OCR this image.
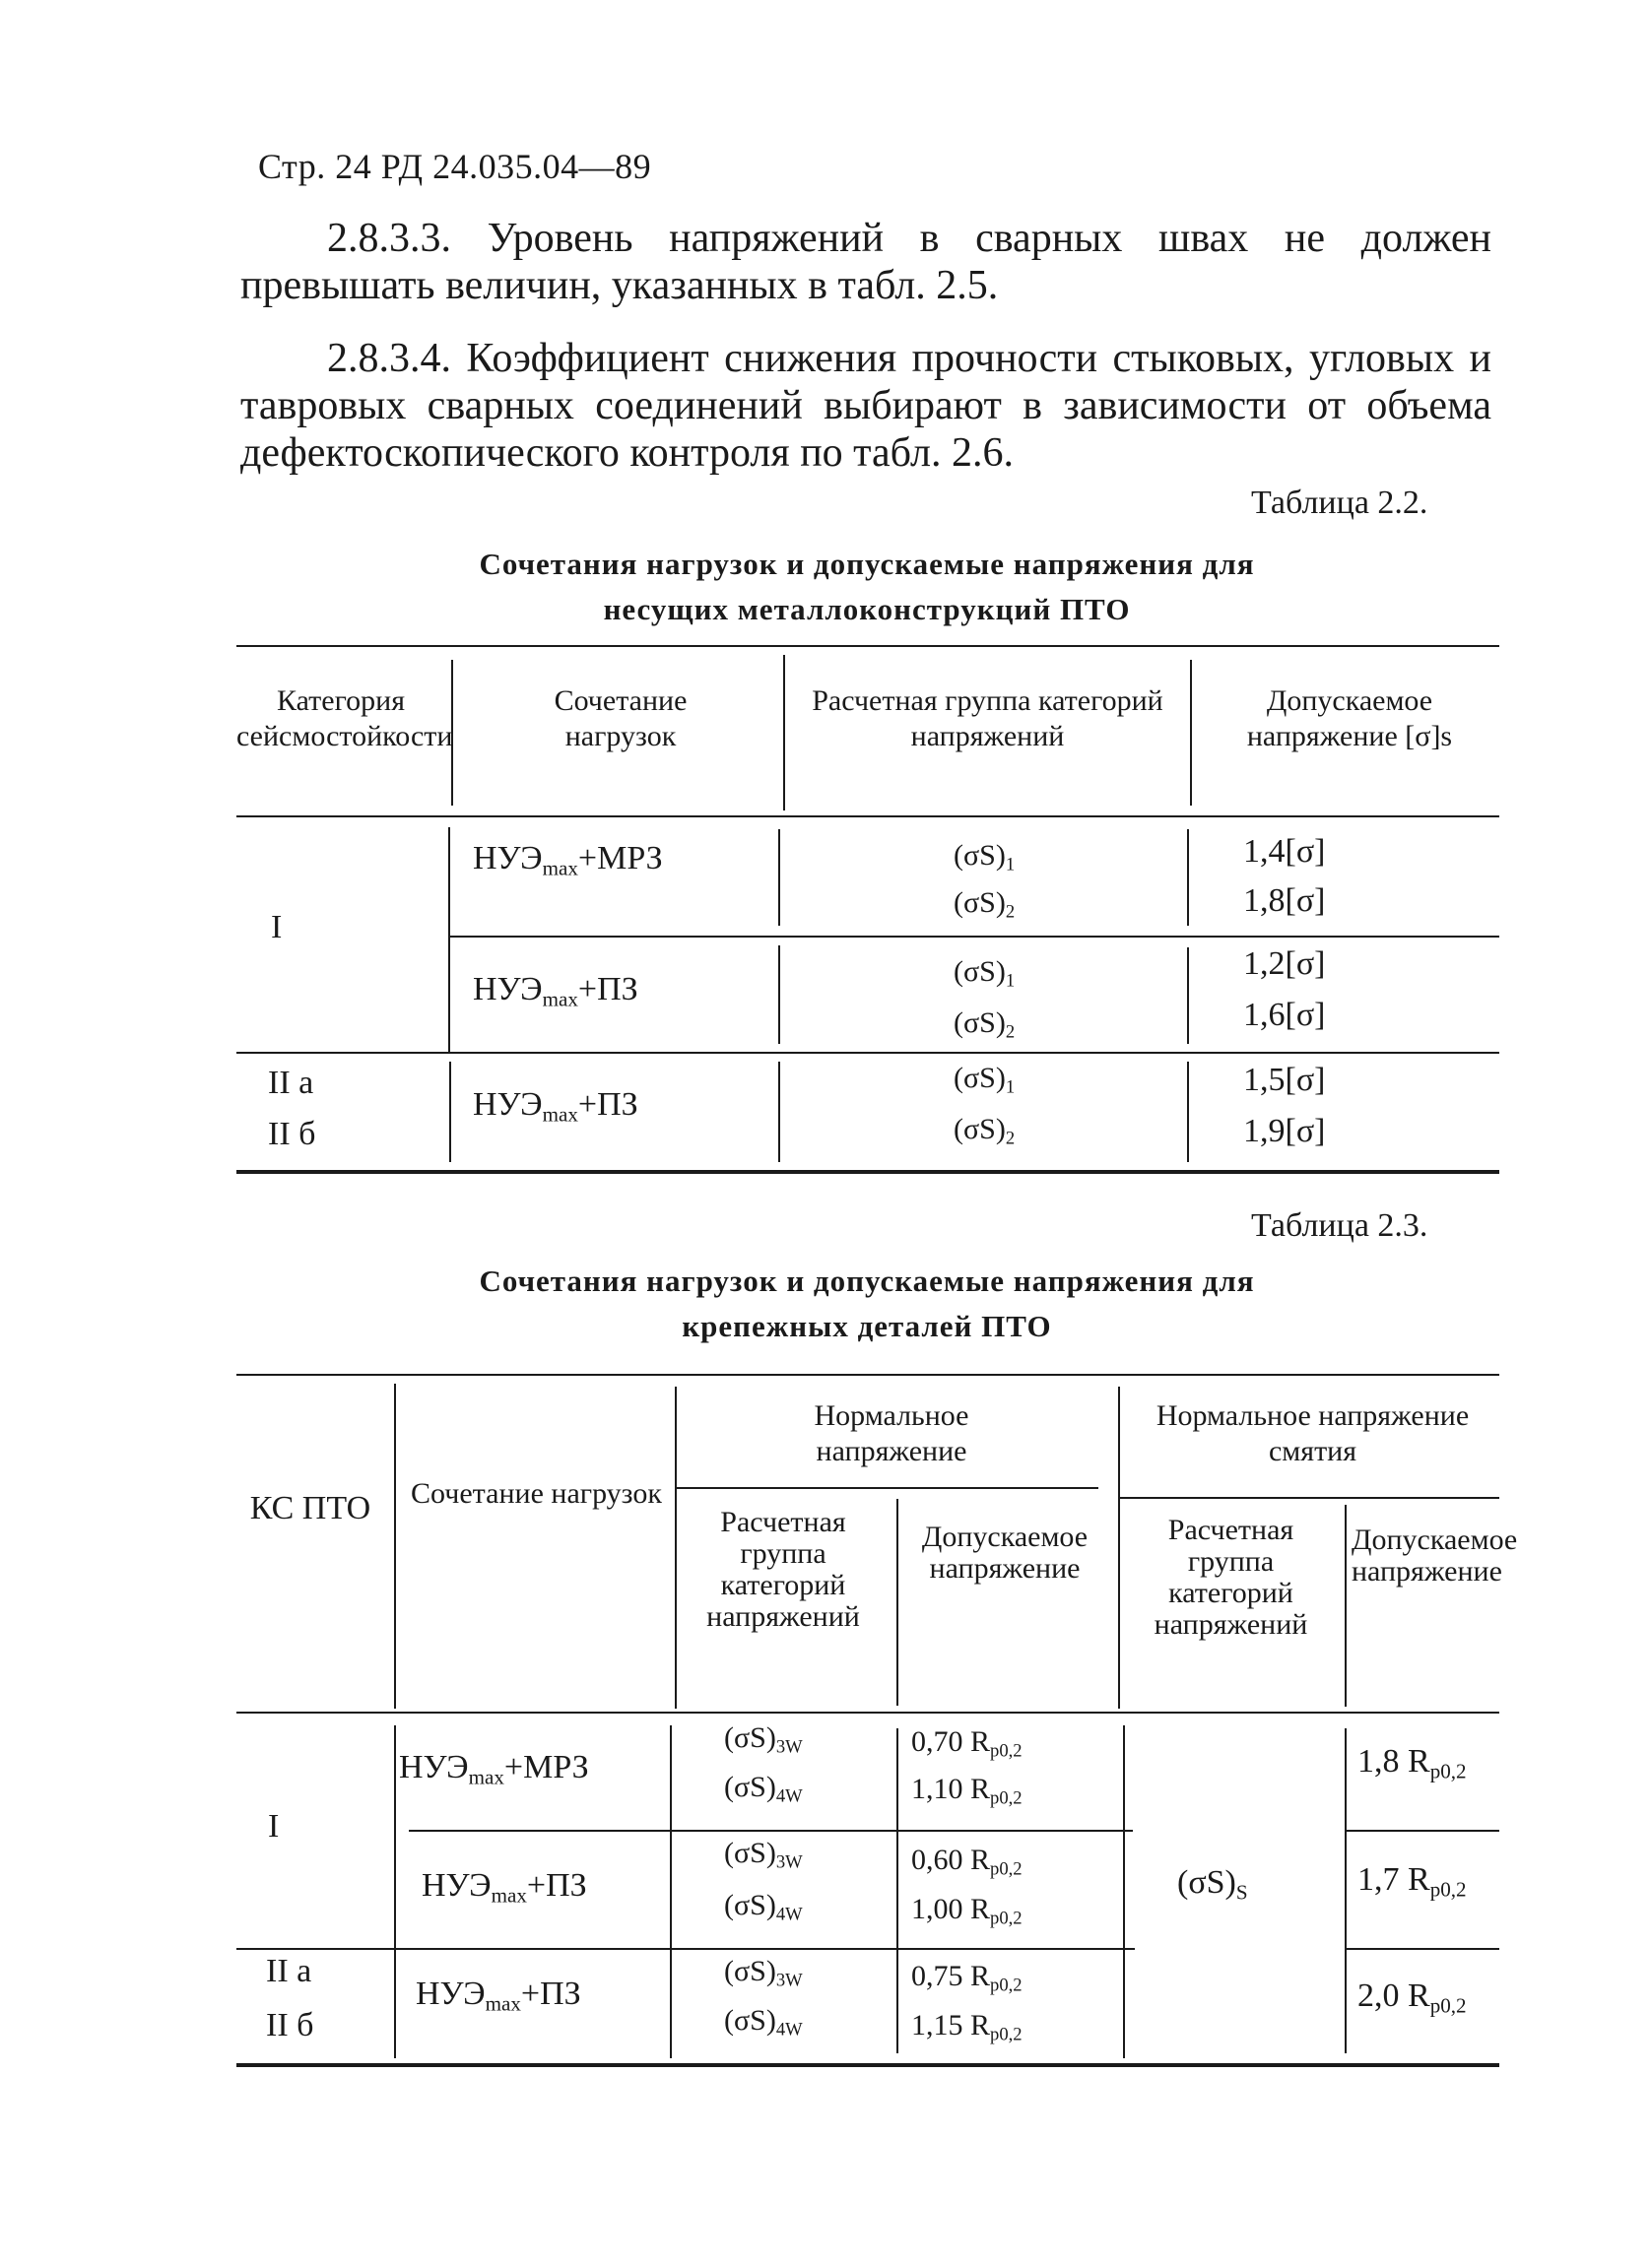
Стр. 24 РД 24.035.04—89
2.8.3.3. Уровень напряжений в сварных швах не должен превышать величин, указанных в табл. 2.5.
2.8.3.4. Коэффициент снижения прочности стыковых, угловых и тавровых сварных соединений выбирают в зависимости от объема дефектоскопического контроля по табл. 2.6.
Таблица 2.2.
Сочетания нагрузок и допускаемые напряжения для
несущих металлоконструкций ПТО
Категория сейсмостойкости
Сочетание нагрузок
Расчетная группа категорий напряжений
Допускаемое напряжение [σ]s
I
II а
II б
$НУЭ_{max}+МРЗ$
$НУЭ_{max}+ПЗ$
$НУЭ_{max}+ПЗ$
$(\sigma S)_1$
$(\sigma S)_2$
$(\sigma S)_1$
$(\sigma S)_2$
$(\sigma S)_1$
$(\sigma S)_2$
1,4[σ]
1,8[σ]
1,2[σ]
1,6[σ]
1,5[σ]
1,9[σ]
Таблица 2.3.
Сочетания нагрузок и допускаемые напряжения для
крепежных деталей ПТО
КС ПТО	Сочетание нагрузок
Нормальное напряжение
Нормальное напряжение смятия
Расчетная группа категорий напряжений
Допускаемое напряжение
Расчетная группа категорий напряжений
Допускаемое напряжение
I
II а
II б
$НУЭ_{max}+МРЗ$
$НУЭ_{max}+ПЗ$
$НУЭ_{max}+ПЗ$
$(\sigma S)_{3W}$
$(\sigma S)_{4W}$
$(\sigma S)_{3W}$
$(\sigma S)_{4W}$
$(\sigma S)_{3W}$
$(\sigma S)_{4W}$
0,70 $R_{p0,2}$
1,10 $R_{p0,2}$
0,60 $R_{p0,2}$
1,00 $R_{p0,2}$
0,75 $R_{p0,2}$
1,15 $R_{p0,2}$
$(\sigma S)_S$
1,8 $R_{p0,2}$
1,7 $R_{p0,2}$
2,0 $R_{p0,2}$
